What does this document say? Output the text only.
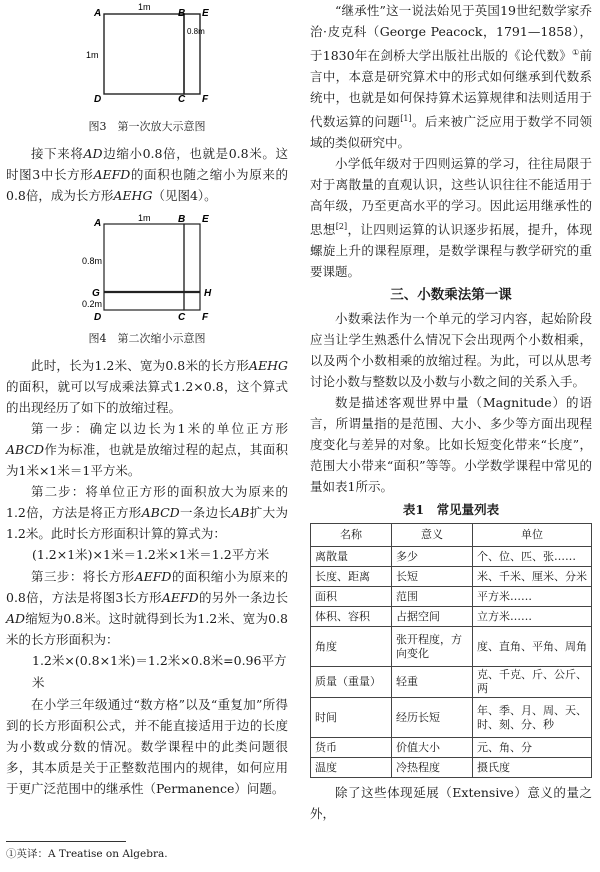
A	B E
D	C F
1m
1m
0.8m
图3　第一次放大示意图

接下来将AD边缩小0.8倍，也就是0.8米。这时图3中长方形AEFD的面积也随之缩小为原来的0.8倍，成为长方形AEHG（见图4）。

A	B E
G	H
D	C F
1m
0.8m
0.2m
图4　第二次缩小示意图

此时，长为1.2米、宽为0.8米的长方形AEHG的面积，就可以写成乘法算式1.2×0.8，这个算式的出现经历了如下的放缩过程。

第一步：确定以边长为1米的单位正方形ABCD作为标准，也就是放缩过程的起点，其面积为1米×1米＝1平方米。

第二步：将单位正方形的面积放大为原来的1.2倍，方法是将正方形ABCD一条边长AB扩大为1.2米。此时长方形面积计算的算式为：

(1.2×1米)×1米＝1.2米×1米＝1.2平方米

第三步：将长方形AEFD的面积缩小为原来的0.8倍，方法是将图3长方形AEFD的另外一条边长AD缩短为0.8米。这时就得到长为1.2米、宽为0.8米的长方形面积为：

1.2米×(0.8×1米)＝1.2米×0.8米=0.96平方米

在小学三年级通过“数方格”以及“重复加”所得到的长方形面积公式，并不能直接适用于边的长度为小数或分数的情况。数学课程中的此类问题很多，其本质是关于正整数范围内的规律，如何应用于更广泛范围中的继承性（Permanence）问题。

“继承性”这一说法始见于英国19世纪数学家乔治·皮克科（George Peacock，1791—1858），于1830年在剑桥大学出版社出版的《论代数》①前言中，本意是研究算术中的形式如何继承到代数系统中，也就是如何保持算术运算规律和法则适用于代数运算的问题[1]。后来被广泛应用于数学不同领域的类似研究中。

小学低年级对于四则运算的学习，往往局限于对于离散量的直观认识，这些认识往往不能适用于高年级，乃至更高水平的学习。因此运用继承性的思想[2]，让四则运算的认识逐步拓展，提升，体现螺旋上升的课程原理，是数学课程与教学研究的重要课题。

三、小数乘法第一课

小数乘法作为一个单元的学习内容，起始阶段应当让学生熟悉什么情况下会出现两个小数相乘，以及两个小数相乘的放缩过程。为此，可以从思考讨论小数与整数以及小数与小数之间的关系入手。

数是描述客观世界中量（Magnitude）的语言，所谓量指的是范围、大小、多少等方面出现程度变化与差异的对象。比如长短变化带来“长度”，范围大小带来“面积”等等。小学数学课程中常见的量如表1所示。

表1　常见量列表
名称	意义	单位
离散量	多少	个、位、匹、张……
长度、距离	长短	米、千米、厘米、分米
面积	范围	平方米……
体积、容积	占据空间	立方米……
角度	张开程度，方向变化	度、直角、平角、周角
质量（重量）	轻重	克、千克、斤、公斤、两
时间	经历长短	年、季、月、周、天、时、刻、分、秒
货币	价值大小	元、角、分
温度	冷热程度	摄氏度

除了这些体现延展（Extensive）意义的量之外，

①英译：A Treatise on Algebra.
